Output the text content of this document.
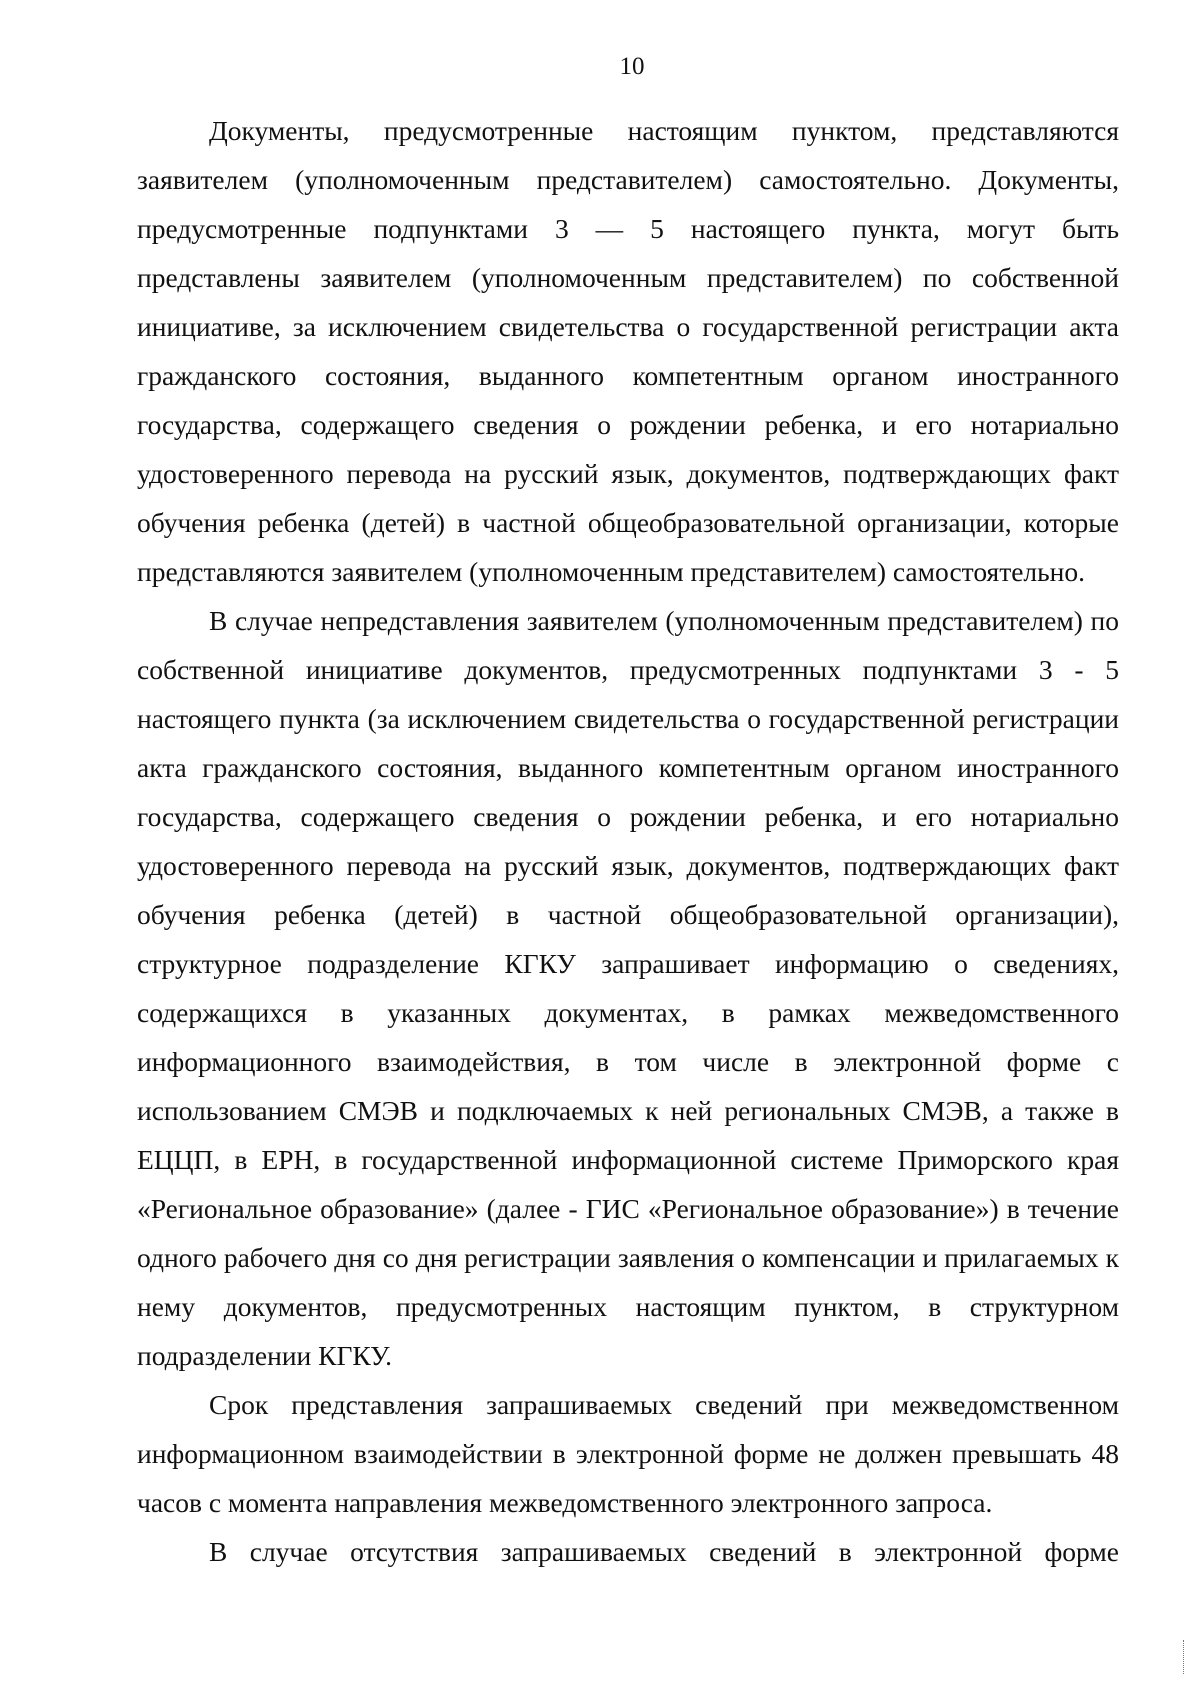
10

Документы, предусмотренные настоящим пунктом, представляются заявителем (уполномоченным представителем) самостоятельно. Документы, предусмотренные подпунктами 3 — 5 настоящего пункта, могут быть представлены заявителем (уполномоченным представителем) по собственной инициативе, за исключением свидетельства о государственной регистрации акта гражданского состояния, выданного компетентным органом иностранного государства, содержащего сведения о рождении ребенка, и его нотариально удостоверенного перевода на русский язык, документов, подтверждающих факт обучения ребенка (детей) в частной общеобразовательной организации, которые представляются заявителем (уполномоченным представителем) самостоятельно.

В случае непредставления заявителем (уполномоченным представителем) по собственной инициативе документов, предусмотренных подпунктами 3 - 5 настоящего пункта (за исключением свидетельства о государственной регистрации акта гражданского состояния, выданного компетентным органом иностранного государства, содержащего сведения о рождении ребенка, и его нотариально удостоверенного перевода на русский язык, документов, подтверждающих факт обучения ребенка (детей) в частной общеобразовательной организации), структурное подразделение КГКУ запрашивает информацию о сведениях, содержащихся в указанных документах, в рамках межведомственного информационного взаимодействия, в том числе в электронной форме с использованием СМЭВ и подключаемых к ней региональных СМЭВ, а также в ЕЦЦП, в ЕРН, в государственной информационной системе Приморского края «Региональное образование» (далее - ГИС «Региональное образование») в течение одного рабочего дня со дня регистрации заявления о компенсации и прилагаемых к нему документов, предусмотренных настоящим пунктом, в структурном подразделении КГКУ.

Срок представления запрашиваемых сведений при межведомственном информационном взаимодействии в электронной форме не должен превышать 48 часов с момента направления межведомственного электронного запроса.

В случае отсутствия запрашиваемых сведений в электронной форме
